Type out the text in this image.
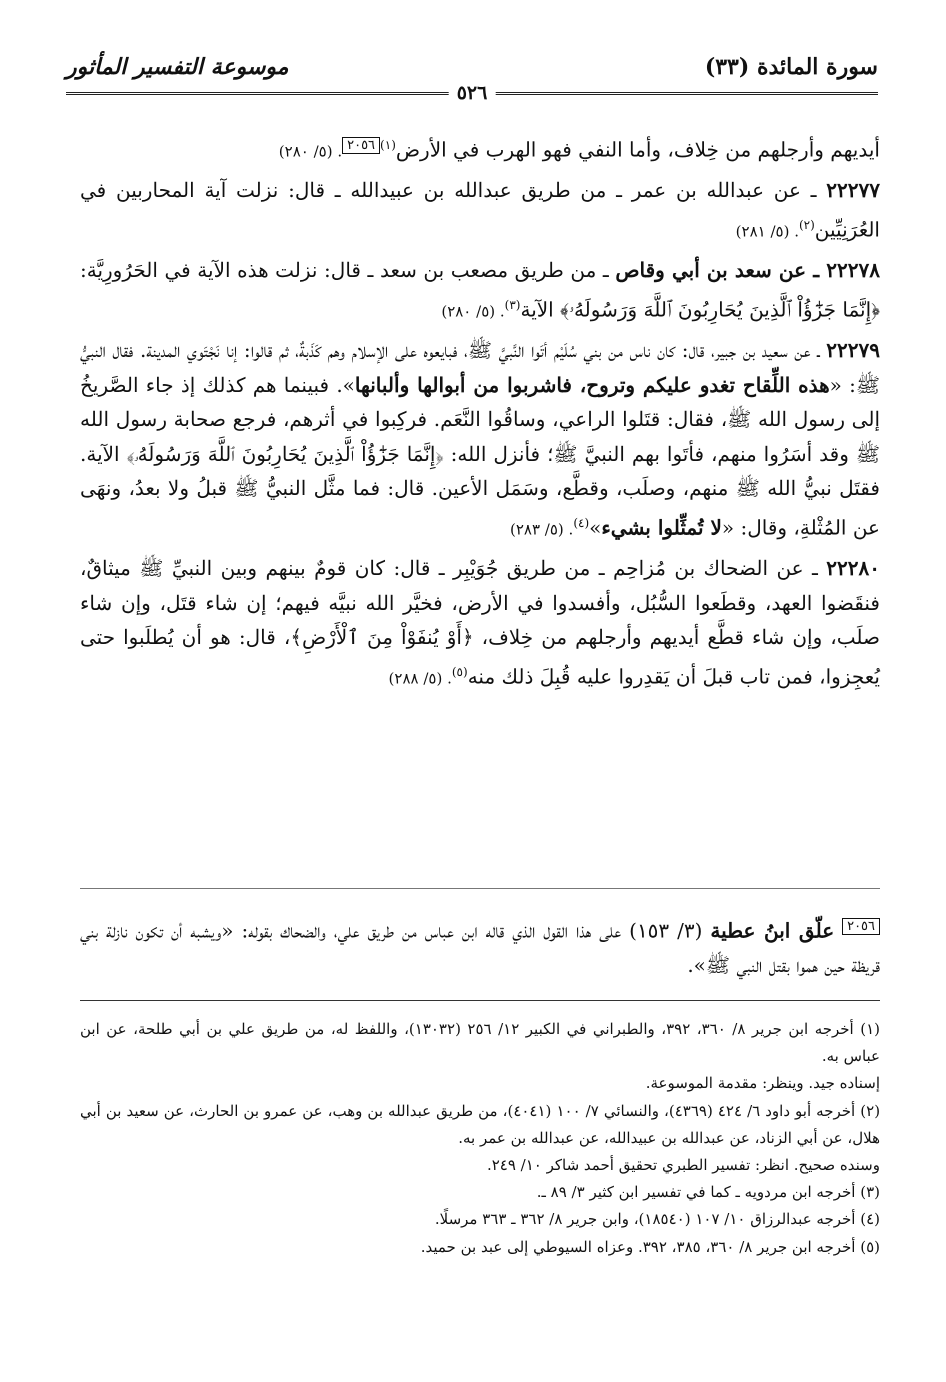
سورة المائدة (٣٣)
موسوعة التفسير المأثور
٥٢٦

أيديهم وأرجلهم من خِلاف، وأما النفي فهو الهرب في الأرض$^{(١)٢٠٥٦}$. (٥/ ٢٨٠)

٢٢٢٧٧ ـ عن عبدالله بن عمر ـ من طريق عبدالله بن عبيدالله ـ قال: نزلت آية المحاربين في العُرَنِيِّين$^{(٢)}$. (٥/ ٢٨١)

٢٢٢٧٨ ـ عن سعد بن أبي وقاص ـ من طريق مصعب بن سعد ـ قال: نزلت هذه الآية في الحَرُورِيَّة: ﴿إِنَّمَا جَزَٰٓؤُاْ ٱلَّذِينَ يُحَارِبُونَ ٱللَّهَ وَرَسُولَهُۥ﴾ الآية$^{(٣)}$. (٥/ ٢٨٠)

٢٢٢٧٩ ـ عن سعيد بن جبير، قال: كان ناس من بني سُلَيْم أتَوا النَّبيَّ ﷺ، فبايعوه على الإسلام وهم كَذَبةٌ، ثم قالوا: إنا نَجْتَوي المدينة. فقال النبيُّ ﷺ: «هذه اللِّقاح تغدو عليكم وتروح، فاشربوا من أبوالها وألبانها». فبينما هم كذلك إذ جاء الصَّريخُ إلى رسول الله ﷺ، فقال: قتَلوا الراعي، وساقُوا النَّعَم. فركِبوا في أثرهم، فرجع صحابة رسول الله ﷺ وقد أسَرُوا منهم، فأتَوا بهم النبيَّ ﷺ؛ فأنزل الله: ﴿إِنَّمَا جَزَٰٓؤُاْ ٱلَّذِينَ يُحَارِبُونَ ٱللَّهَ وَرَسُولَهُۥ﴾ الآية. فقتَل نبيُّ الله ﷺ منهم، وصلَب، وقطَّع، وسَمَل الأعين. قال: فما مثَّل النبيُّ ﷺ قبلُ ولا بعدُ، ونهَى عن المُثْلةِ، وقال: «لا تُمثِّلوا بشيء»$^{(٤)}$. (٥/ ٢٨٣)

٢٢٢٨٠ ـ عن الضحاك بن مُزاحِم ـ من طريق جُوَيْبِر ـ قال: كان قومٌ بينهم وبين النبيِّ ﷺ ميثاقٌ، فنقَضوا العهد، وقطَعوا السُّبُل، وأفسدوا في الأرض، فخيَّر الله نبيَّه فيهم؛ إن شاء قتَل، وإن شاء صلَب، وإن شاء قطَّع أيديهم وأرجلهم من خِلاف، ﴿أَوْ يُنفَوْاْ مِنَ ٱلْأَرْضِ﴾، قال: هو أن يُطلَبوا حتى يُعجِزوا، فمن تاب قبلَ أن يَقدِروا عليه قُبِلَ ذلك منه$^{(٥)}$. (٥/ ٢٨٨)

$^{٢٠٥٦}$ علّق ابنُ عطية (٣/ ١٥٣) على هذا القول الذي قاله ابن عباس من طريق علي، والضحاك بقوله: «ويشبه أن تكون نازلة بني قريظة حين هموا بقتل النبي ﷺ».

(١) أخرجه ابن جرير ٨/ ٣٦٠، ٣٩٢، والطبراني في الكبير ١٢/ ٢٥٦ (١٣٠٣٢)، واللفظ له، من طريق علي بن أبي طلحة، عن ابن عباس به.

إسناده جيد. وينظر: مقدمة الموسوعة.

(٢) أخرجه أبو داود ٦/ ٤٢٤ (٤٣٦٩)، والنسائي ٧/ ١٠٠ (٤٠٤١)، من طريق عبدالله بن وهب، عن عمرو بن الحارث، عن سعيد بن أبي هلال، عن أبي الزناد، عن عبدالله بن عبيدالله، عن عبدالله بن عمر به.

وسنده صحيح. انظر: تفسير الطبري تحقيق أحمد شاكر ١٠/ ٢٤٩.

(٣) أخرجه ابن مردويه ـ كما في تفسير ابن كثير ٣/ ٨٩ ـ.

(٤) أخرجه عبدالرزاق ١٠/ ١٠٧ (١٨٥٤٠)، وابن جرير ٨/ ٣٦٢ ـ ٣٦٣ مرسلًا.

(٥) أخرجه ابن جرير ٨/ ٣٦٠، ٣٨٥، ٣٩٢. وعزاه السيوطي إلى عبد بن حميد.
